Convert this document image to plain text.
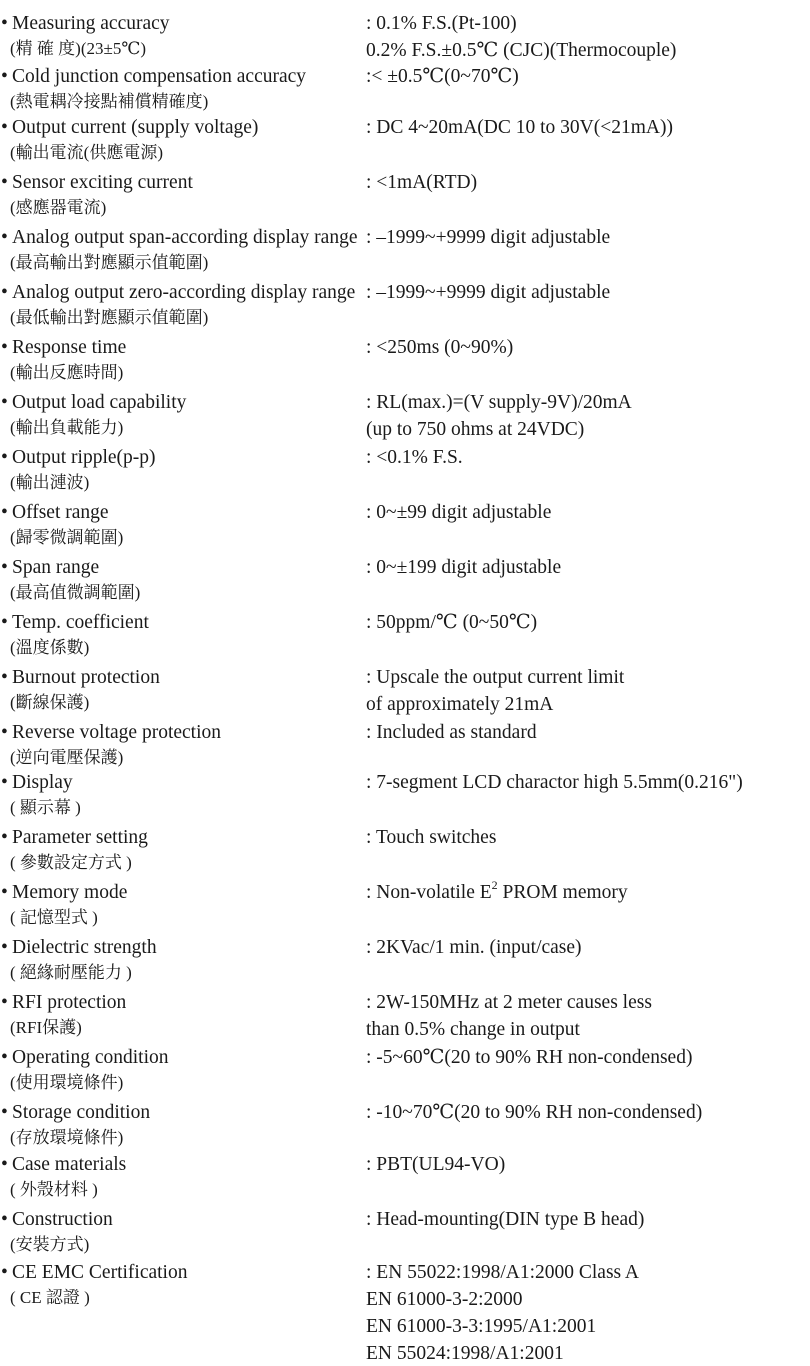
• Measuring accuracy
(精 確 度)(23±5℃)
: 0.1% F.S.(Pt-100)
0.2% F.S.±0.5℃ (CJC)(Thermocouple)
• Cold junction compensation accuracy
(熱電耦冷接點補償精確度)
:< ±0.5℃(0~70℃)
• Output current (supply voltage)
(輸出電流(供應電源)
: DC 4~20mA(DC 10 to 30V(<21mA))
• Sensor exciting current
(感應器電流)
: <1mA(RTD)
• Analog output span-according display range
(最高輸出對應顯示值範圍)
: –1999~+9999 digit adjustable
• Analog output zero-according display range
(最低輸出對應顯示值範圍)
: –1999~+9999 digit adjustable
• Response time
(輸出反應時間)
: <250ms (0~90%)
• Output load capability
(輸出負載能力)
: RL(max.)=(V supply-9V)/20mA
(up to 750 ohms at 24VDC)
• Output ripple(p-p)
(輸出漣波)
: <0.1% F.S.
• Offset range
(歸零微調範圍)
: 0~±99 digit adjustable
• Span range
(最高值微調範圍)
: 0~±199 digit adjustable
• Temp. coefficient
(溫度係數)
: 50ppm/℃ (0~50℃)
• Burnout protection
(斷線保護)
: Upscale the output current limit
of approximately 21mA
• Reverse voltage protection
(逆向電壓保護)
: Included as standard
• Display
( 顯示幕 )
: 7-segment LCD charactor high 5.5mm(0.216")
• Parameter setting
( 參數設定方式 )
: Touch switches
• Memory mode
( 記憶型式 )
: Non-volatile $E^2$ PROM memory
• Dielectric strength
( 絕緣耐壓能力 )
: 2KVac/1 min. (input/case)
• RFI protection
(RFI保護)
: 2W-150MHz at 2 meter causes less
than 0.5% change in output
• Operating condition
(使用環境條件)
: -5~60℃(20 to 90% RH non-condensed)
• Storage condition
(存放環境條件)
: -10~70℃(20 to 90% RH non-condensed)
• Case materials
( 外殼材料 )
: PBT(UL94-VO)
• Construction
(安裝方式)
: Head-mounting(DIN type B head)
• CE EMC Certification
( CE 認證 )
: EN 55022:1998/A1:2000 Class A
EN 61000-3-2:2000
EN 61000-3-3:1995/A1:2001
EN 55024:1998/A1:2001
